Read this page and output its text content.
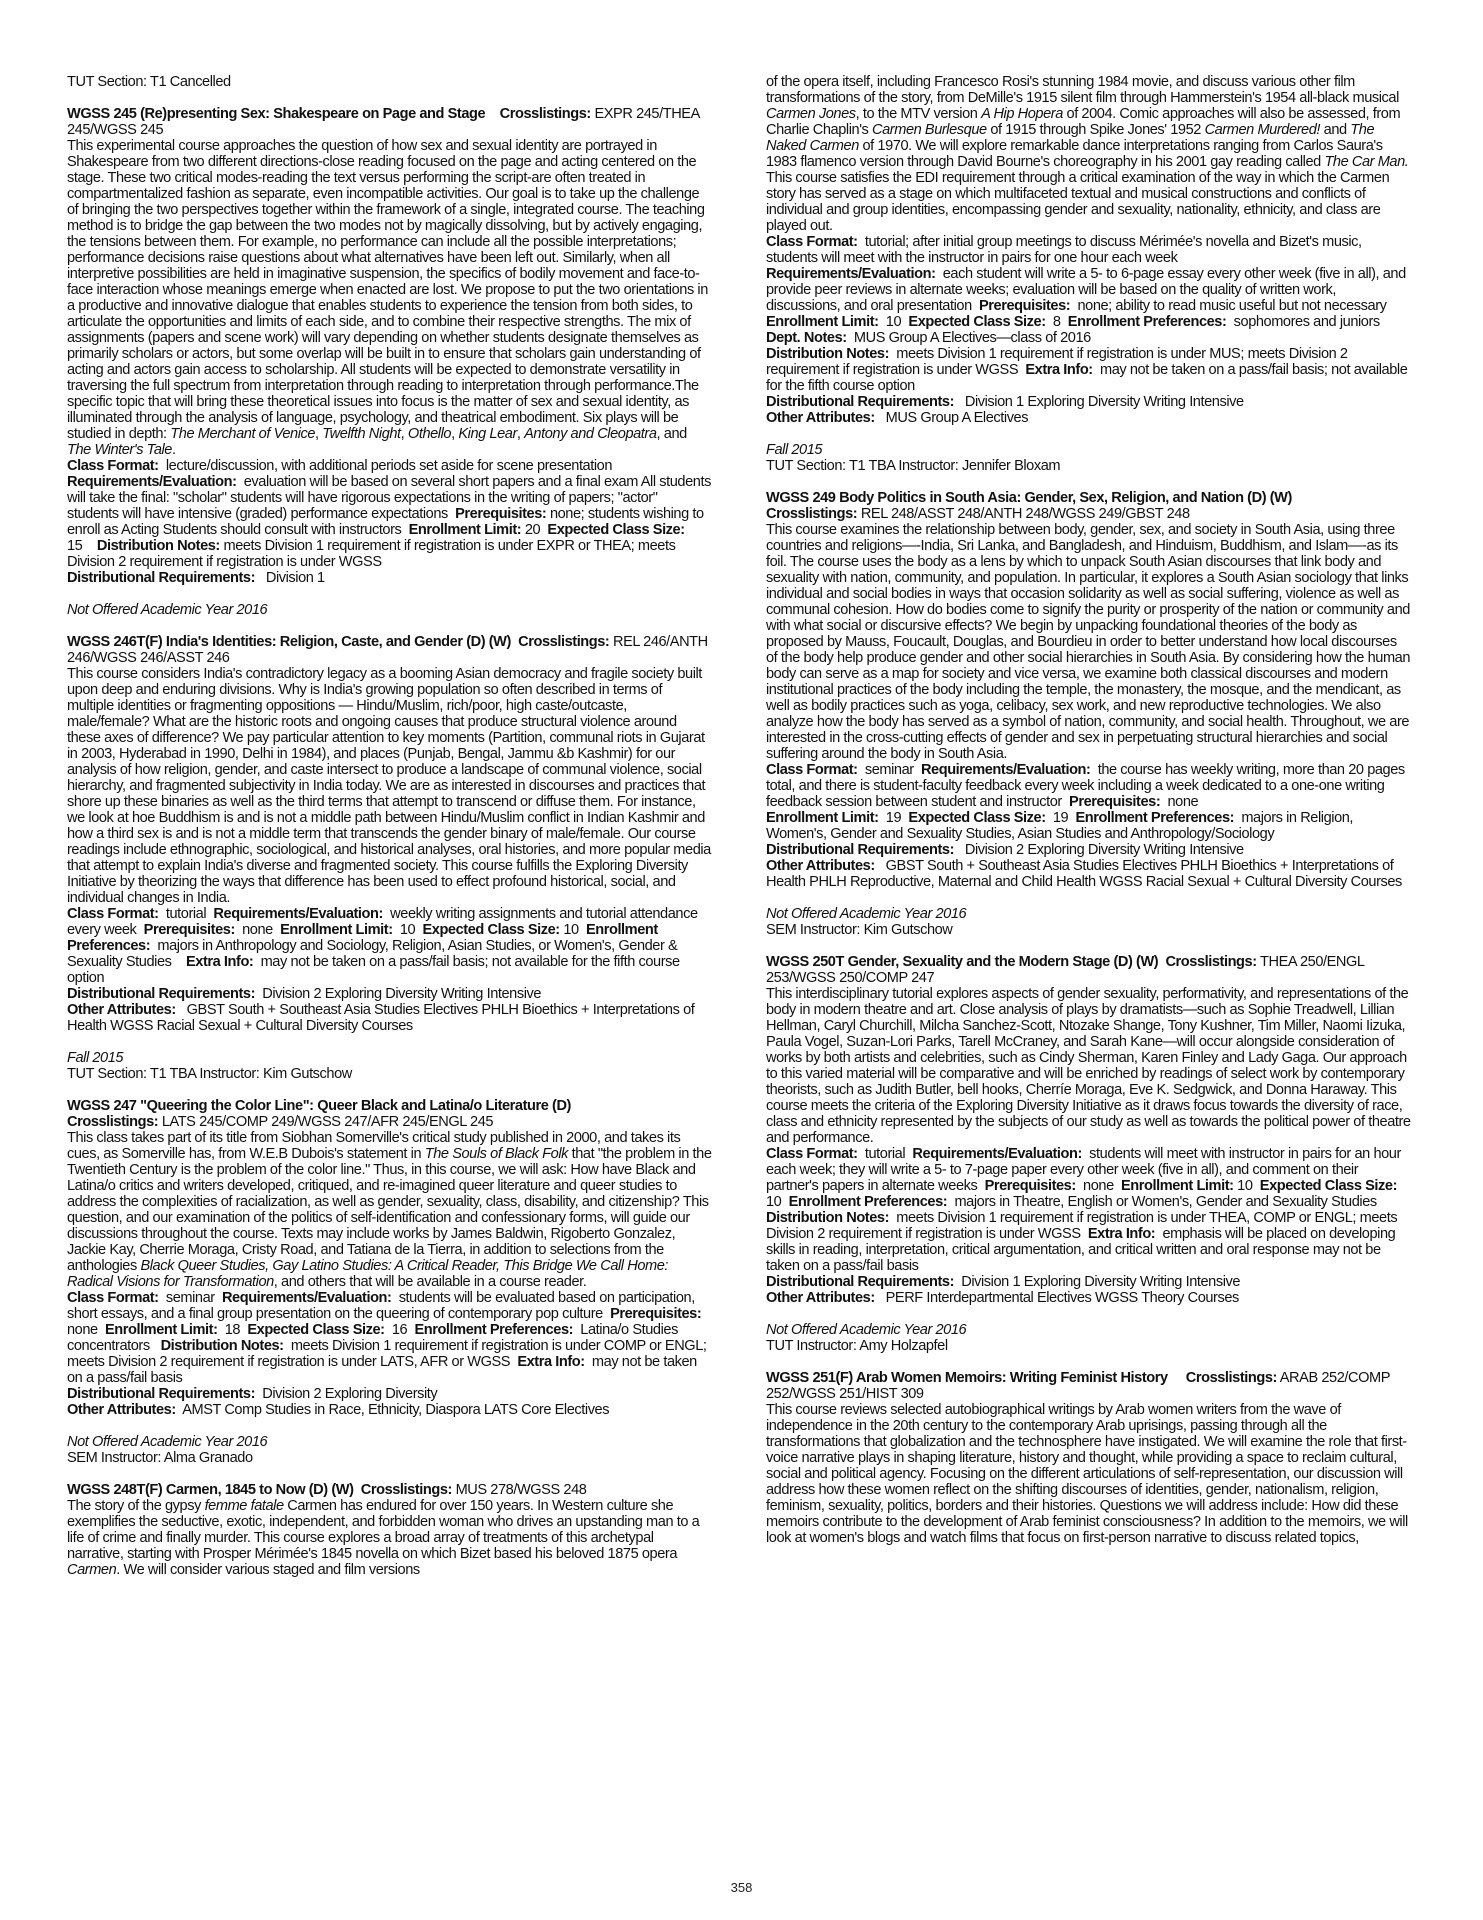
TUT Section: T1 Cancelled

WGSS 245 (Re)presenting Sex: Shakespeare on Page and Stage Crosslistings: EXPR 245/THEA 245/WGSS 245

This experimental course approaches the question of how sex and sexual identity are portrayed in Shakespeare from two different directions-close reading focused on the page and acting centered on the stage. These two critical modes-reading the text versus performing the script-are often treated in compartmentalized fashion as separate, even incompatible activities. Our goal is to take up the challenge of bringing the two perspectives together within the framework of a single, integrated course. The teaching method is to bridge the gap between the two modes not by magically dissolving, but by actively engaging, the tensions between them. For example, no performance can include all the possible interpretations; performance decisions raise questions about what alternatives have been left out. Similarly, when all interpretive possibilities are held in imaginative suspension, the specifics of bodily movement and face-to-face interaction whose meanings emerge when enacted are lost. We propose to put the two orientations in a productive and innovative dialogue that enables students to experience the tension from both sides, to articulate the opportunities and limits of each side, and to combine their respective strengths. The mix of assignments (papers and scene work) will vary depending on whether students designate themselves as primarily scholars or actors, but some overlap will be built in to ensure that scholars gain understanding of acting and actors gain access to scholarship. All students will be expected to demonstrate versatility in traversing the full spectrum from interpretation through reading to interpretation through performance.The specific topic that will bring these theoretical issues into focus is the matter of sex and sexual identity, as illuminated through the analysis of language, psychology, and theatrical embodiment. Six plays will be studied in depth: The Merchant of Venice, Twelfth Night, Othello, King Lear, Antony and Cleopatra, and The Winter's Tale.

Class Format: lecture/discussion, with additional periods set aside for scene presentation
Requirements/Evaluation: evaluation will be based on several short papers and a final exam All students will take the final: "scholar" students will have rigorous expectations in the writing of papers; "actor" students will have intensive (graded) performance expectations Prerequisites: none; students wishing to enroll as Acting Students should consult with instructors Enrollment Limit: 20 Expected Class Size: 15 Distribution Notes: meets Division 1 requirement if registration is under EXPR or THEA; meets Division 2 requirement if registration is under WGSS
Distributional Requirements: Division 1

Not Offered Academic Year 2016

WGSS 246T(F) India's Identities: Religion, Caste, and Gender (D) (W) Crosslistings: REL 246/ANTH 246/WGSS 246/ASST 246

This course considers India's contradictory legacy as a booming Asian democracy and fragile society built upon deep and enduring divisions. Why is India's growing population so often described in terms of multiple identities or fragmenting oppositions — Hindu/Muslim, rich/poor, high caste/outcaste, male/female? What are the historic roots and ongoing causes that produce structural violence around these axes of difference? We pay particular attention to key moments (Partition, communal riots in Gujarat in 2003, Hyderabad in 1990, Delhi in 1984), and places (Punjab, Bengal, Jammu &b Kashmir) for our analysis of how religion, gender, and caste intersect to produce a landscape of communal violence, social hierarchy, and fragmented subjectivity in India today. We are as interested in discourses and practices that shore up these binaries as well as the third terms that attempt to transcend or diffuse them. For instance, we look at hoe Buddhism is and is not a middle path between Hindu/Muslim conflict in Indian Kashmir and how a third sex is and is not a middle term that transcends the gender binary of male/female. Our course readings include ethnographic, sociological, and historical analyses, oral histories, and more popular media that attempt to explain India's diverse and fragmented society. This course fulfills the Exploring Diversity Initiative by theorizing the ways that difference has been used to effect profound historical, social, and individual changes in India.

Class Format: tutorial Requirements/Evaluation: weekly writing assignments and tutorial attendance every week Prerequisites: none Enrollment Limit: 10 Expected Class Size: 10 Enrollment Preferences: majors in Anthropology and Sociology, Religion, Asian Studies, or Women's, Gender & Sexuality Studies Extra Info: may not be taken on a pass/fail basis; not available for the fifth course option
Distributional Requirements: Division 2 Exploring Diversity Writing Intensive
Other Attributes: GBST South + Southeast Asia Studies Electives PHLH Bioethics + Interpretations of Health WGSS Racial Sexual + Cultural Diversity Courses

Fall 2015

TUT Section: T1 TBA Instructor: Kim Gutschow

WGSS 247 "Queering the Color Line": Queer Black and Latina/o Literature (D)
Crosslistings: LATS 245/COMP 249/WGSS 247/AFR 245/ENGL 245

This class takes part of its title from Siobhan Somerville's critical study published in 2000, and takes its cues, as Somerville has, from W.E.B Dubois's statement in The Souls of Black Folk that "the problem in the Twentieth Century is the problem of the color line." Thus, in this course, we will ask: How have Black and Latina/o critics and writers developed, critiqued, and re-imagined queer literature and queer studies to address the complexities of racialization, as well as gender, sexuality, class, disability, and citizenship? This question, and our examination of the politics of self-identification and confessionary forms, will guide our discussions throughout the course. Texts may include works by James Baldwin, Rigoberto Gonzalez, Jackie Kay, Cherrie Moraga, Cristy Road, and Tatiana de la Tierra, in addition to selections from the anthologies Black Queer Studies, Gay Latino Studies: A Critical Reader, This Bridge We Call Home: Radical Visions for Transformation, and others that will be available in a course reader.

Class Format: seminar Requirements/Evaluation: students will be evaluated based on participation, short essays, and a final group presentation on the queering of contemporary pop culture Prerequisites:  none Enrollment Limit: 18 Expected Class Size: 16 Enrollment Preferences: Latina/o Studies concentrators Distribution Notes: meets Division 1 requirement if registration is under COMP or ENGL; meets Division 2 requirement if registration is under LATS, AFR or WGSS Extra Info: may not be taken on a pass/fail basis
Distributional Requirements: Division 2 Exploring Diversity
Other Attributes: AMST Comp Studies in Race, Ethnicity, Diaspora LATS Core Electives

Not Offered Academic Year 2016

SEM Instructor: Alma Granado

WGSS 248T(F) Carmen, 1845 to Now (D) (W) Crosslistings: MUS 278/WGSS 248

The story of the gypsy femme fatale Carmen has endured for over 150 years. In Western culture she exemplifies the seductive, exotic, independent, and forbidden woman who drives an upstanding man to a life of crime and finally murder. This course explores a broad array of treatments of this archetypal narrative, starting with Prosper Mérimée's 1845 novella on which Bizet based his beloved 1875 opera Carmen. We will consider various staged and film versions

of the opera itself, including Francesco Rosi's stunning 1984 movie, and discuss various other film transformations of the story, from DeMille's 1915 silent film through Hammerstein's 1954 all-black musical Carmen Jones, to the MTV version A Hip Hopera of 2004. Comic approaches will also be assessed, from Charlie Chaplin's Carmen Burlesque of 1915 through Spike Jones' 1952 Carmen Murdered! and The Naked Carmen of 1970. We will explore remarkable dance interpretations ranging from Carlos Saura's 1983 flamenco version through David Bourne's choreography in his 2001 gay reading called The Car Man. This course satisfies the EDI requirement through a critical examination of the way in which the Carmen story has served as a stage on which multifaceted textual and musical constructions and conflicts of individual and group identities, encompassing gender and sexuality, nationality, ethnicity, and class are played out.

Class Format: tutorial; after initial group meetings to discuss Mérimée's novella and Bizet's music, students will meet with the instructor in pairs for one hour each week
Requirements/Evaluation: each student will write a 5- to 6-page essay every other week (five in all), and provide peer reviews in alternate weeks; evaluation will be based on the quality of written work, discussions, and oral presentation Prerequisites: none; ability to read music useful but not necessary  Enrollment Limit: 10 Expected Class Size: 8 Enrollment Preferences: sophomores and juniors  Dept. Notes: MUS Group A Electives—class of 2016
Distribution Notes: meets Division 1 requirement if registration is under MUS; meets Division 2 requirement if registration is under WGSS Extra Info: may not be taken on a pass/fail basis; not available for the fifth course option
Distributional Requirements: Division 1 Exploring Diversity Writing Intensive
Other Attributes: MUS Group A Electives

Fall 2015

TUT Section: T1 TBA Instructor: Jennifer Bloxam

WGSS 249 Body Politics in South Asia: Gender, Sex, Religion, and Nation (D) (W)
Crosslistings: REL 248/ASST 248/ANTH 248/WGSS 249/GBST 248

This course examines the relationship between body, gender, sex, and society in South Asia, using three countries and religions—-India, Sri Lanka, and Bangladesh, and Hinduism, Buddhism, and Islam—-as its foil. The course uses the body as a lens by which to unpack South Asian discourses that link body and sexuality with nation, community, and population. In particular, it explores a South Asian sociology that links individual and social bodies in ways that occasion solidarity as well as social suffering, violence as well as communal cohesion. How do bodies come to signify the purity or prosperity of the nation or community and with what social or discursive effects? We begin by unpacking foundational theories of the body as proposed by Mauss, Foucault, Douglas, and Bourdieu in order to better understand how local discourses of the body help produce gender and other social hierarchies in South Asia. By considering how the human body can serve as a map for society and vice versa, we examine both classical discourses and modern institutional practices of the body including the temple, the monastery, the mosque, and the mendicant, as well as bodily practices such as yoga, celibacy, sex work, and new reproductive technologies. We also analyze how the body has served as a symbol of nation, community, and social health. Throughout, we are interested in the cross-cutting effects of gender and sex in perpetuating structural hierarchies and social suffering around the body in South Asia.

Class Format: seminar Requirements/Evaluation: the course has weekly writing, more than 20 pages total, and there is student-faculty feedback every week including a week dedicated to a one-one writing feedback session between student and instructor Prerequisites: none
Enrollment Limit: 19 Expected Class Size: 19 Enrollment Preferences: majors in Religion, Women's, Gender and Sexuality Studies, Asian Studies and Anthropology/Sociology
Distributional Requirements: Division 2 Exploring Diversity Writing Intensive
Other Attributes: GBST South + Southeast Asia Studies Electives PHLH Bioethics + Interpretations of Health PHLH Reproductive, Maternal and Child Health WGSS Racial Sexual + Cultural Diversity Courses

Not Offered Academic Year 2016

SEM Instructor: Kim Gutschow

WGSS 250T Gender, Sexuality and the Modern Stage (D) (W) Crosslistings: THEA 250/ENGL 253/WGSS 250/COMP 247

This interdisciplinary tutorial explores aspects of gender sexuality, performativity, and representations of the body in modern theatre and art. Close analysis of plays by dramatists—such as Sophie Treadwell, Lillian Hellman, Caryl Churchill, Milcha Sanchez-Scott, Ntozake Shange, Tony Kushner, Tim Miller, Naomi Iizuka, Paula Vogel, Suzan-Lori Parks, Tarell McCraney, and Sarah Kane—will occur alongside consideration of works by both artists and celebrities, such as Cindy Sherman, Karen Finley and Lady Gaga. Our approach to this varied material will be comparative and will be enriched by readings of select work by contemporary theorists, such as Judith Butler, bell hooks, Cherríe Moraga, Eve K. Sedgwick, and Donna Haraway. This course meets the criteria of the Exploring Diversity Initiative as it draws focus towards the diversity of race, class and ethnicity represented by the subjects of our study as well as towards the political power of theatre and performance.

Class Format: tutorial Requirements/Evaluation: students will meet with instructor in pairs for an hour each week; they will write a 5- to 7-page paper every other week (five in all), and comment on their partner's papers in alternate weeks Prerequisites: none Enrollment Limit: 10 Expected Class Size:  10 Enrollment Preferences: majors in Theatre, English or Women's, Gender and Sexuality Studies   Distribution Notes: meets Division 1 requirement if registration is under THEA, COMP or ENGL; meets Division 2 requirement if registration is under WGSS Extra Info: emphasis will be placed on developing skills in reading, interpretation, critical argumentation, and critical written and oral response may not be taken on a pass/fail basis
Distributional Requirements: Division 1 Exploring Diversity Writing Intensive
Other Attributes: PERF Interdepartmental Electives WGSS Theory Courses

Not Offered Academic Year 2016

TUT Instructor: Amy Holzapfel

WGSS 251(F) Arab Women Memoirs: Writing Feminist History Crosslistings: ARAB 252/COMP 252/WGSS 251/HIST 309

This course reviews selected autobiographical writings by Arab women writers from the wave of independence in the 20th century to the contemporary Arab uprisings, passing through all the transformations that globalization and the technosphere have instigated. We will examine the role that first-voice narrative plays in shaping literature, history and thought, while providing a space to reclaim cultural, social and political agency. Focusing on the different articulations of self-representation, our discussion will address how these women reflect on the shifting discourses of identities, gender, nationalism, religion, feminism, sexuality, politics, borders and their histories. Questions we will address include: How did these memoirs contribute to the development of Arab feminist consciousness? In addition to the memoirs, we will look at women's blogs and watch films that focus on first-person narrative to discuss related topics,

358
